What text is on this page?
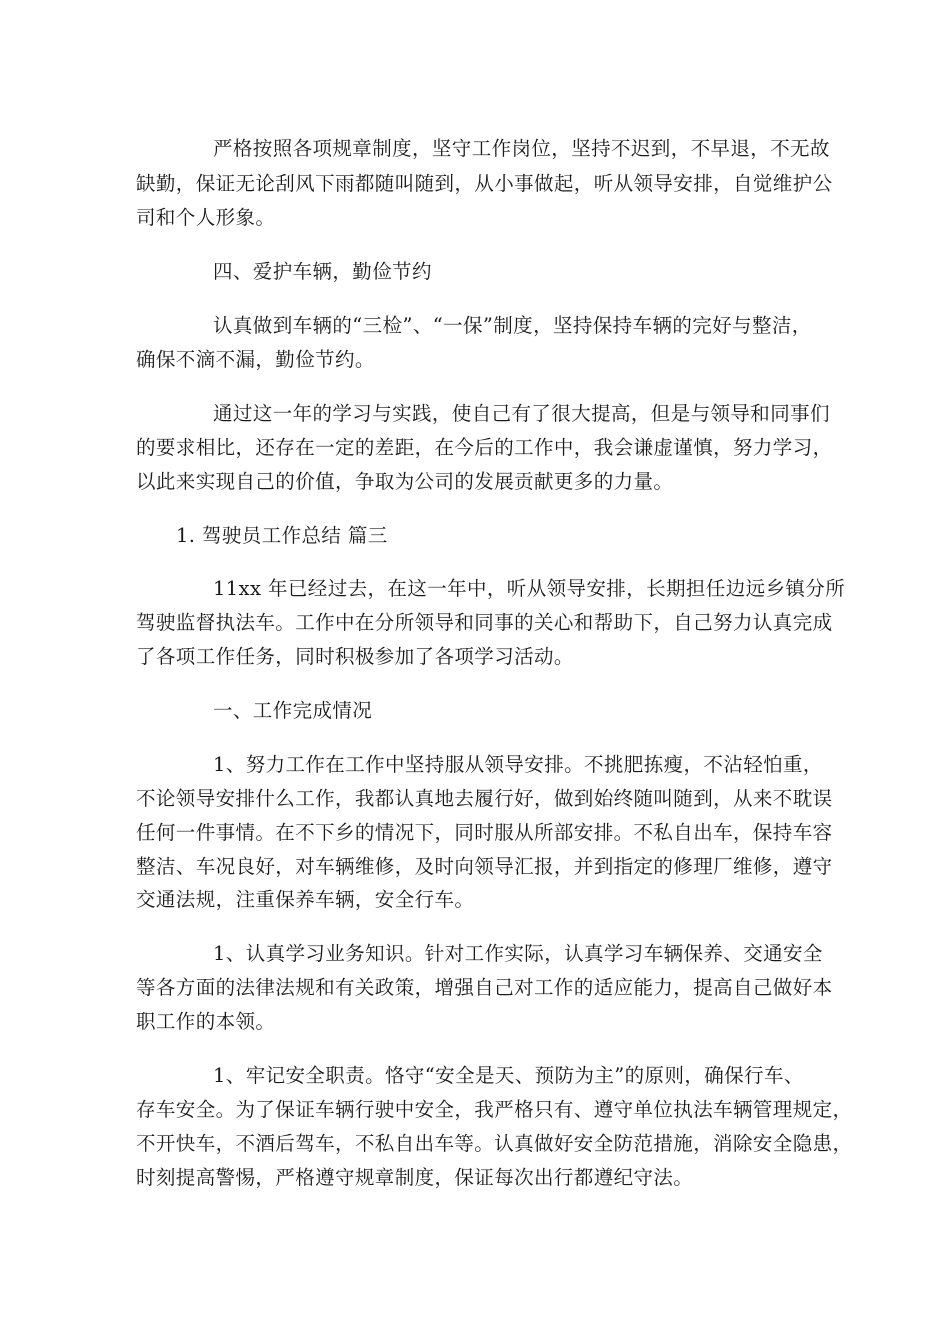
严格按照各项规章制度，坚守工作岗位，坚持不迟到，不早退，不无故
缺勤，保证无论刮风下雨都随叫随到，从小事做起，听从领导安排，自觉维护公
司和个人形象。
四、爱护车辆，勤俭节约
认真做到车辆的“三检”、“一保”制度，坚持保持车辆的完好与整洁，
确保不滴不漏，勤俭节约。
通过这一年的学习与实践，使自己有了很大提高，但是与领导和同事们
的要求相比，还存在一定的差距，在今后的工作中，我会谦虚谨慎，努力学习，
以此来实现自己的价值，争取为公司的发展贡献更多的力量。
1. 驾驶员工作总结 篇三
11xx 年已经过去，在这一年中，听从领导安排，长期担任边远乡镇分所
驾驶监督执法车。工作中在分所领导和同事的关心和帮助下，自己努力认真完成
了各项工作任务，同时积极参加了各项学习活动。
一、工作完成情况
1、努力工作在工作中坚持服从领导安排。不挑肥拣瘦，不沾轻怕重，
不论领导安排什么工作，我都认真地去履行好，做到始终随叫随到，从来不耽误
任何一件事情。在不下乡的情况下，同时服从所部安排。不私自出车，保持车容
整洁、车况良好，对车辆维修，及时向领导汇报，并到指定的修理厂维修，遵守
交通法规，注重保养车辆，安全行车。
1、认真学习业务知识。针对工作实际，认真学习车辆保养、交通安全
等各方面的法律法规和有关政策，增强自己对工作的适应能力，提高自己做好本
职工作的本领。
1、牢记安全职责。恪守“安全是天、预防为主”的原则，确保行车、
存车安全。为了保证车辆行驶中安全，我严格只有、遵守单位执法车辆管理规定，
不开快车，不酒后驾车，不私自出车等。认真做好安全防范措施，消除安全隐患，
时刻提高警惕，严格遵守规章制度，保证每次出行都遵纪守法。
